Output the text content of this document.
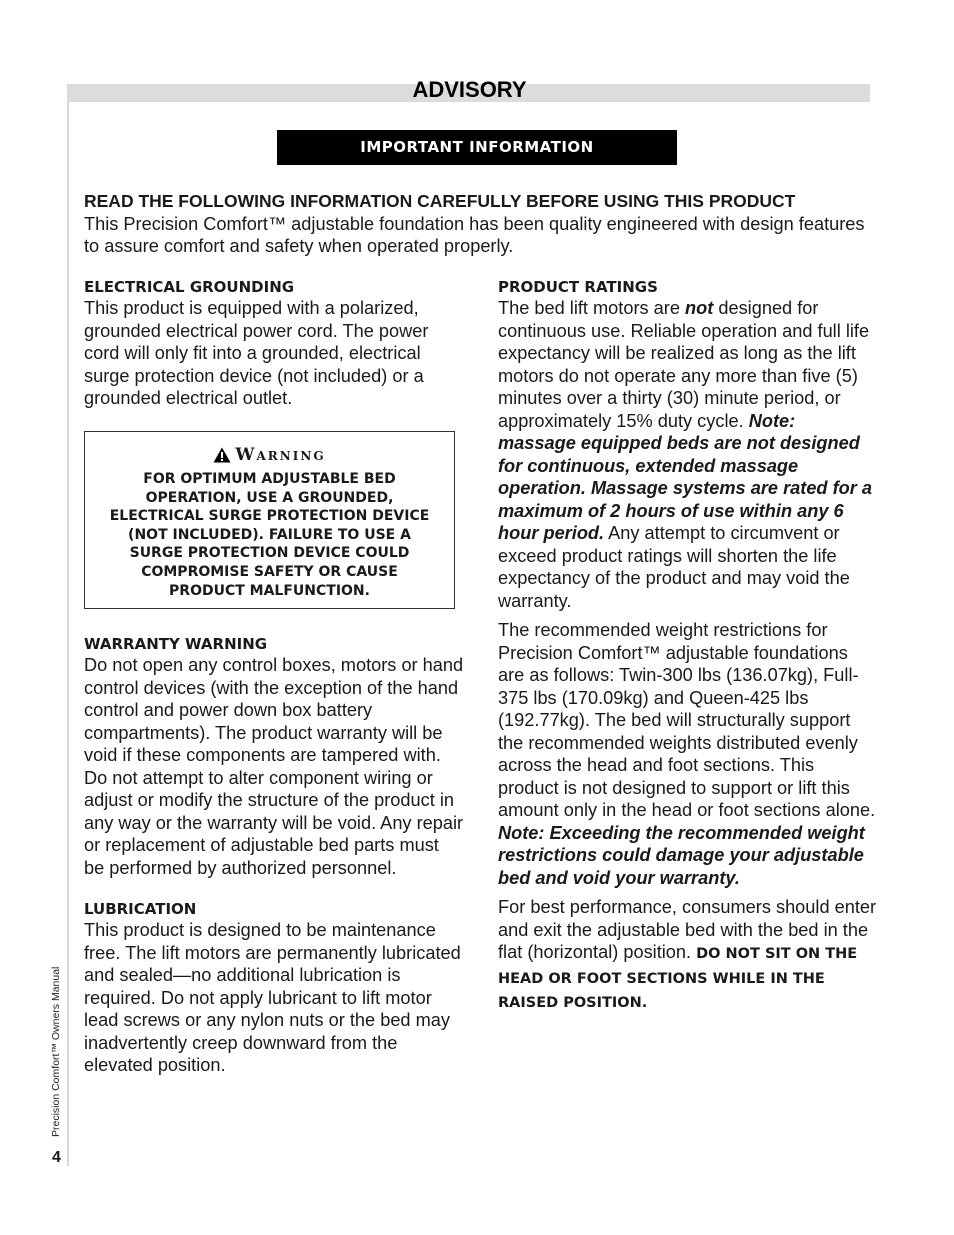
ADVISORY
IMPORTANT INFORMATION
READ THE FOLLOWING INFORMATION CAREFULLY BEFORE USING THIS PRODUCT
This Precision Comfort™ adjustable foundation has been quality engineered with design features to assure comfort and safety when operated properly.
ELECTRICAL GROUNDING

This product is equipped with a polarized, grounded electrical power cord. The power cord will only fit into a grounded, electrical surge protection device (not included) or a grounded electrical outlet.

Warning
FOR OPTIMUM ADJUSTABLE BED OPERATION, USE A GROUNDED, ELECTRICAL SURGE PROTECTION DEVICE (NOT INCLUDED). FAILURE TO USE A SURGE PROTECTION DEVICE COULD COMPROMISE SAFETY OR CAUSE PRODUCT MALFUNCTION.
WARRANTY WARNING

Do not open any control boxes, motors or hand control devices (with the exception of the hand control and power down box battery compartments). The product warranty will be void if these components are tampered with. Do not attempt to alter component wiring or adjust or modify the structure of the product in any way or the warranty will be void. Any repair or replacement of adjustable bed parts must be performed by authorized personnel.

LUBRICATION

This product is designed to be maintenance free. The lift motors are permanently lubricated and sealed—no additional lubrication is required. Do not apply lubricant to lift motor lead screws or any nylon nuts or the bed may inadvertently creep downward from the elevated position.

PRODUCT RATINGS

The bed lift motors are not designed for continuous use. Reliable operation and full life expectancy will be realized as long as the lift motors do not operate any more than five (5) minutes over a thirty (30) minute period, or approximately 15% duty cycle. Note: massage equipped beds are not designed for continuous, extended massage operation. Massage systems are rated for a maximum of 2 hours of use within any 6 hour period. Any attempt to circumvent or exceed product ratings will shorten the life expectancy of the product and may void the warranty.

The recommended weight restrictions for Precision Comfort™ adjustable foundations are as follows: Twin-300 lbs (136.07kg), Full-375 lbs (170.09kg) and Queen-425 lbs (192.77kg). The bed will structurally support the recommended weights distributed evenly across the head and foot sections. This product is not designed to support or lift this amount only in the head or foot sections alone. Note: Exceeding the recommended weight restrictions could damage your adjustable bed and void your warranty.

For best performance, consumers should enter and exit the adjustable bed with the bed in the flat (horizontal) position. DO NOT SIT ON THE HEAD OR FOOT SECTIONS WHILE IN THE RAISED POSITION.

Precision Comfort™ Owners Manual
4
